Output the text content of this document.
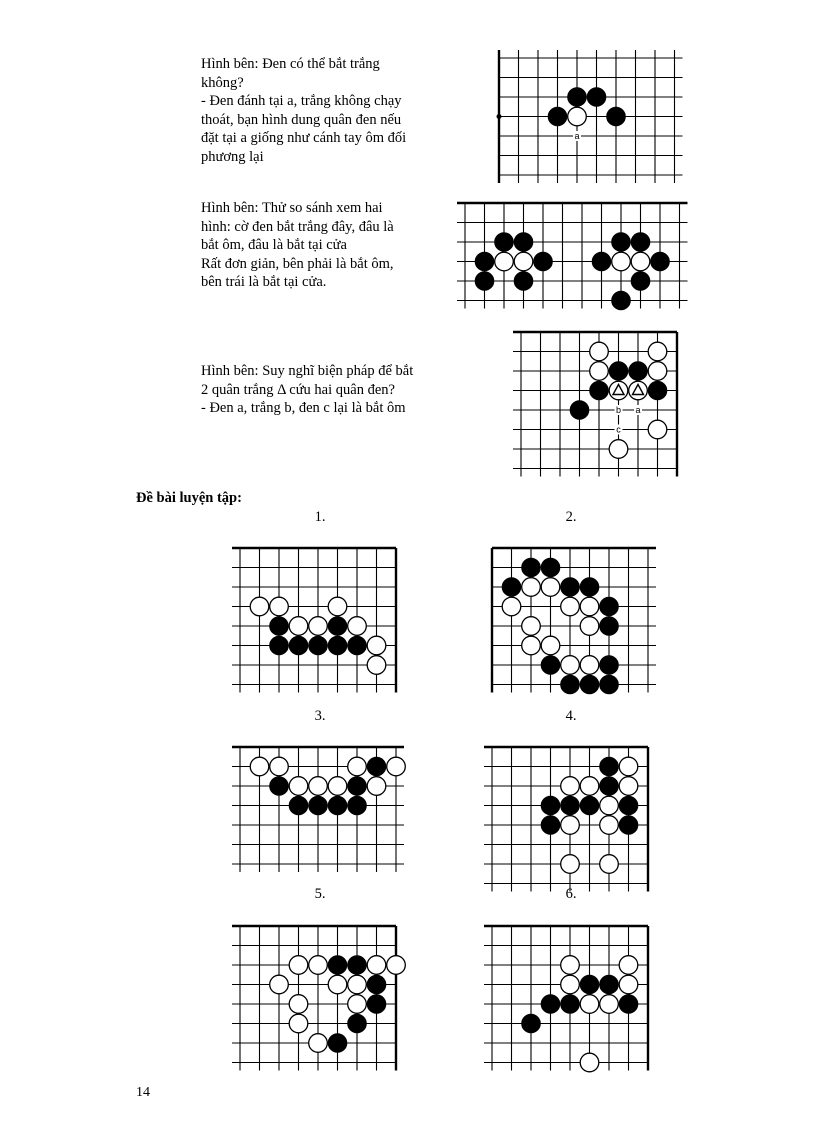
Hình bên: Đen có thể bắt trắng

không?

- Đen đánh tại a, trắng không chạy

thoát, bạn hình dung quân đen nếu

đặt tại a giống như cánh tay ôm đối

phương lại

Hình bên: Thử so sánh xem hai

hình: cờ đen bắt trắng đây, đâu là

bắt ôm, đâu là bắt tại cửa

Rất đơn giản, bên phải là bắt ôm,

bên trái là bắt tại cửa.

Hình bên: Suy nghĩ biện pháp để bắt

2 quân trắng Δ cứu hai quân đen?

- Đen a, trắng b, đen c lại là bắt ôm

Đề bài luyện tập:
1.	2.
3.	4.
5.	6.
a
b a
c
14
